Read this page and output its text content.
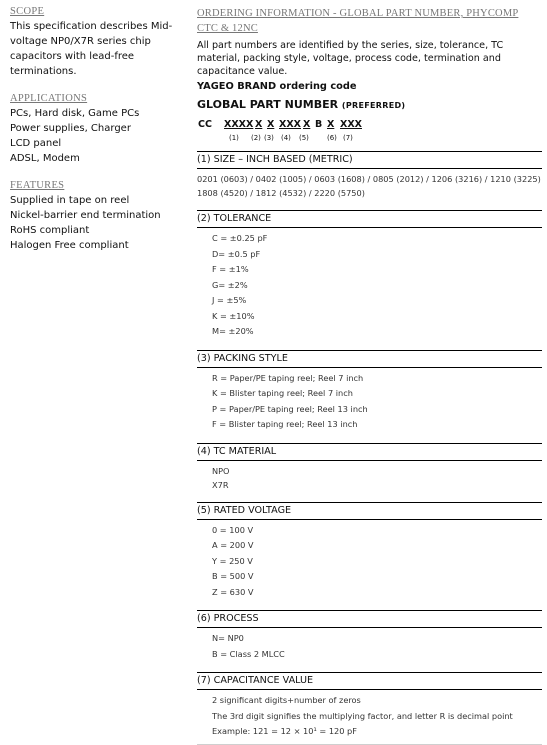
SCOPE

This specification describes Mid-voltage NP0/X7R series chip capacitors with lead-free terminations.

APPLICATIONS
PCs, Hard disk, Game PCs
Power supplies, Charger
LCD panel
ADSL, Modem
FEATURES
Supplied in tape on reel
Nickel-barrier end termination
RoHS compliant
Halogen Free compliant
ORDERING INFORMATION - GLOBAL PART NUMBER, PHYCOMP
CTC & 12NC

All part numbers are identified by the series, size, tolerance, TC material, packing style, voltage, process code, termination and capacitance value.

YAGEO BRAND ordering code
GLOBAL PART NUMBER (PREFERRED)
CC XXXX X X XXX X B X XXX
(1) (2) (3) (4) (5)	(6) (7)
(1) SIZE – INCH BASED (METRIC)
0201 (0603) / 0402 (1005) / 0603 (1608) / 0805 (2012) / 1206 (3216) / 1210 (3225)
1808 (4520) / 1812 (4532) / 2220 (5750)
(2) TOLERANCE
C = ±0.25 pF
D= ±0.5 pF
F = ±1%
G= ±2%
J = ±5%
K = ±10%
M= ±20%
(3) PACKING STYLE
R = Paper/PE taping reel; Reel 7 inch
K = Blister taping reel; Reel 7 inch
P = Paper/PE taping reel; Reel 13 inch
F = Blister taping reel; Reel 13 inch
(4) TC MATERIAL
NPO
X7R
(5) RATED VOLTAGE
0 = 100 V
A = 200 V
Y = 250 V
B = 500 V
Z = 630 V
(6) PROCESS
N= NP0
B = Class 2 MLCC
(7) CAPACITANCE VALUE
2 significant digits+number of zeros
The 3rd digit signifies the multiplying factor, and letter R is decimal point
Example: 121 = 12 × 10¹ = 120 pF
